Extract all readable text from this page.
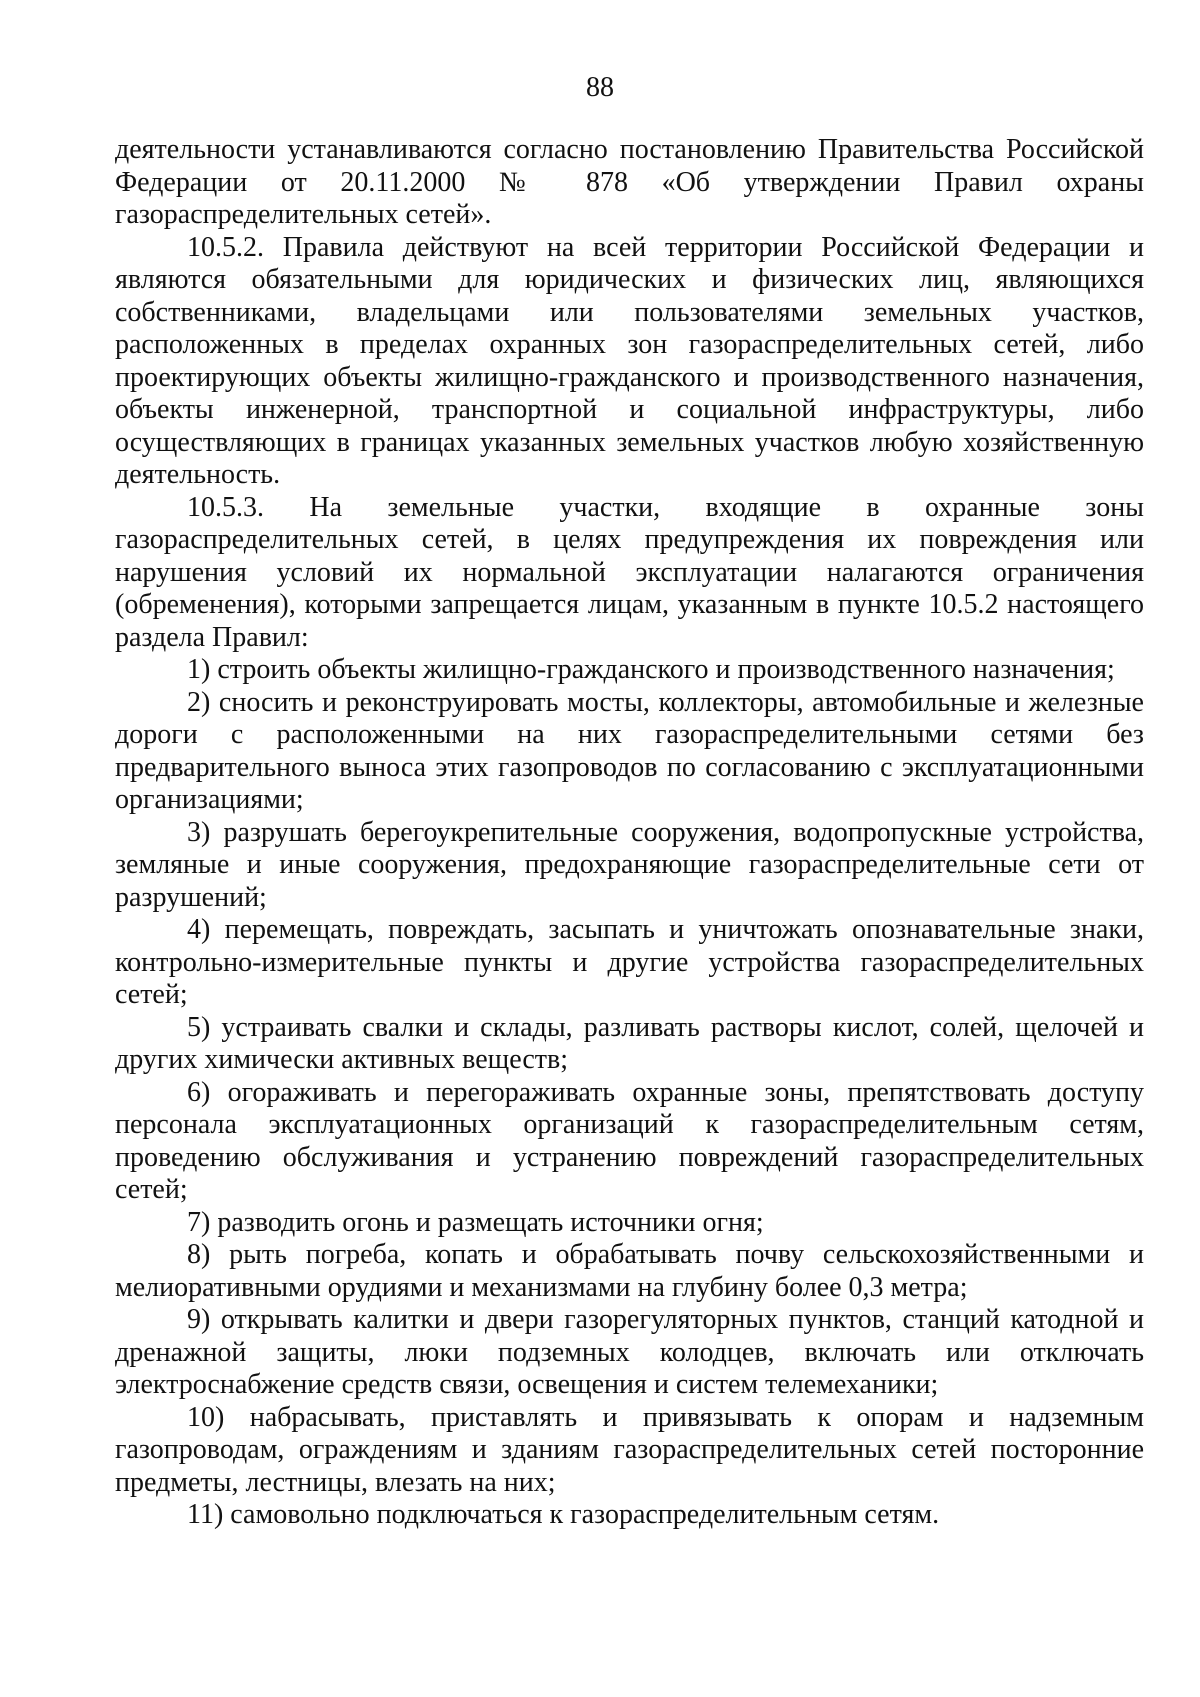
88

деятельности устанавливаются согласно постановлению Правительства Российской Федерации от 20.11.2000 № 878 «Об утверждении Правил охраны газораспределительных сетей».

10.5.2. Правила действуют на всей территории Российской Федерации и являются обязательными для юридических и физических лиц, являющихся собственниками, владельцами или пользователями земельных участков, расположенных в пределах охранных зон газораспределительных сетей, либо проектирующих объекты жилищно-гражданского и производственного назначения, объекты инженерной, транспортной и социальной инфраструктуры, либо осуществляющих в границах указанных земельных участков любую хозяйственную деятельность.

10.5.3. На земельные участки, входящие в охранные зоны газораспределительных сетей, в целях предупреждения их повреждения или нарушения условий их нормальной эксплуатации налагаются ограничения (обременения), которыми запрещается лицам, указанным в пункте 10.5.2 настоящего раздела Правил:

1) строить объекты жилищно-гражданского и производственного назначения;

2) сносить и реконструировать мосты, коллекторы, автомобильные и железные дороги с расположенными на них газораспределительными сетями без предварительного выноса этих газопроводов по согласованию с эксплуатационными организациями;

3) разрушать берегоукрепительные сооружения, водопропускные устройства, земляные и иные сооружения, предохраняющие газораспределительные сети от разрушений;

4) перемещать, повреждать, засыпать и уничтожать опознавательные знаки, контрольно-измерительные пункты и другие устройства газораспределительных сетей;

5) устраивать свалки и склады, разливать растворы кислот, солей, щелочей и других химически активных веществ;

6) огораживать и перегораживать охранные зоны, препятствовать доступу персонала эксплуатационных организаций к газораспределительным сетям, проведению обслуживания и устранению повреждений газораспределительных сетей;

7) разводить огонь и размещать источники огня;

8) рыть погреба, копать и обрабатывать почву сельскохозяйственными и мелиоративными орудиями и механизмами на глубину более 0,3 метра;

9) открывать калитки и двери газорегуляторных пунктов, станций катодной и дренажной защиты, люки подземных колодцев, включать или отключать электроснабжение средств связи, освещения и систем телемеханики;

10) набрасывать, приставлять и привязывать к опорам и надземным газопроводам, ограждениям и зданиям газораспределительных сетей посторонние предметы, лестницы, влезать на них;

11) самовольно подключаться к газораспределительным сетям.
